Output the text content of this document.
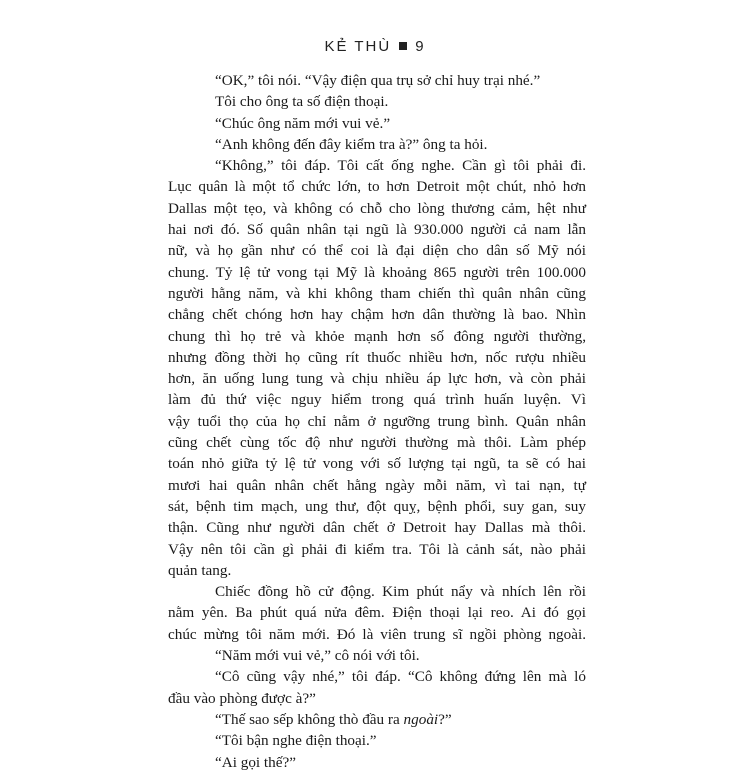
KẺ THÙ 9
“OK,” tôi nói. “Vậy điện qua trụ sở chỉ huy trại nhé.”
Tôi cho ông ta số điện thoại.
“Chúc ông năm mới vui vẻ.”
“Anh không đến đây kiểm tra à?” ông ta hỏi.
“Không,” tôi đáp. Tôi cất ống nghe. Cần gì tôi phải đi.
Lục quân là một tổ chức lớn, to hơn Detroit một chút, nhỏ hơn
Dallas một tẹo, và không có chỗ cho lòng thương cảm, hệt như
hai nơi đó. Số quân nhân tại ngũ là 930.000 người cả nam lẫn
nữ, và họ gần như có thể coi là đại diện cho dân số Mỹ nói
chung. Tỷ lệ tử vong tại Mỹ là khoảng 865 người trên 100.000
người hằng năm, và khi không tham chiến thì quân nhân cũng
chẳng chết chóng hơn hay chậm hơn dân thường là bao. Nhìn
chung thì họ trẻ và khỏe mạnh hơn số đông người thường,
nhưng đồng thời họ cũng rít thuốc nhiều hơn, nốc rượu nhiều
hơn, ăn uống lung tung và chịu nhiều áp lực hơn, và còn phải
làm đủ thứ việc nguy hiểm trong quá trình huấn luyện. Vì
vậy tuổi thọ của họ chỉ nằm ở ngưỡng trung bình. Quân nhân
cũng chết cùng tốc độ như người thường mà thôi. Làm phép
toán nhỏ giữa tỷ lệ tử vong với số lượng tại ngũ, ta sẽ có hai
mươi hai quân nhân chết hằng ngày mỗi năm, vì tai nạn, tự
sát, bệnh tim mạch, ung thư, đột quỵ, bệnh phổi, suy gan, suy
thận. Cũng như người dân chết ở Detroit hay Dallas mà thôi.
Vậy nên tôi cần gì phải đi kiểm tra. Tôi là cảnh sát, nào phải
quản tang.
Chiếc đồng hồ cử động. Kim phút nẩy và nhích lên rồi
nằm yên. Ba phút quá nửa đêm. Điện thoại lại reo. Ai đó gọi
chúc mừng tôi năm mới. Đó là viên trung sĩ ngồi phòng ngoài.
“Năm mới vui vẻ,” cô nói với tôi.
“Cô cũng vậy nhé,” tôi đáp. “Cô không đứng lên mà ló
đầu vào phòng được à?”
“Thế sao sếp không thò đầu ra ngoài?”
“Tôi bận nghe điện thoại.”
“Ai gọi thế?”
